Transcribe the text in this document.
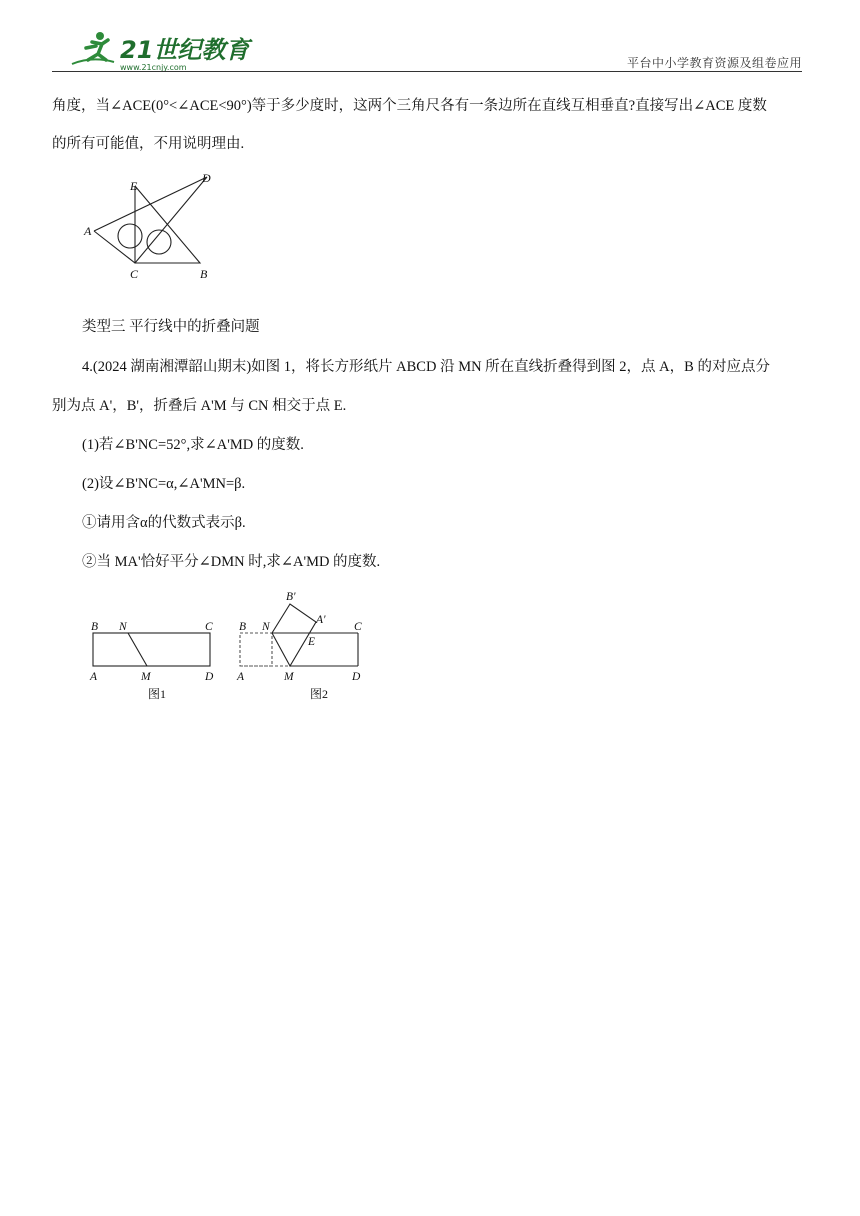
21世纪教育
www.21cnjy.com	平台中小学教育资源及组卷应用
角度，当∠ACE(0°<∠ACE<90°)等于多少度时，这两个三角尺各有一条边所在直线互相垂直?直接写出∠ACE 度数
的所有可能值，不用说明理由.
A
C	B
D
E
类型三 平行线中的折叠问题
4.(2024 湖南湘潭韶山期末)如图 1，将长方形纸片 ABCD 沿 MN 所在直线折叠得到图 2，点 A，B 的对应点分
别为点 A'，B'，折叠后 A'M 与 CN 相交于点 E.
(1)若∠B'NC=52°,求∠A'MD 的度数.
(2)设∠B'NC=α,∠A'MN=β.
①请用含α的代数式表示β.
②当 MA'恰好平分∠DMN 时,求∠A'MD 的度数.
B N	C
A	M	D
B N
B'
A'
E
C
A	M	D
图1	图2
